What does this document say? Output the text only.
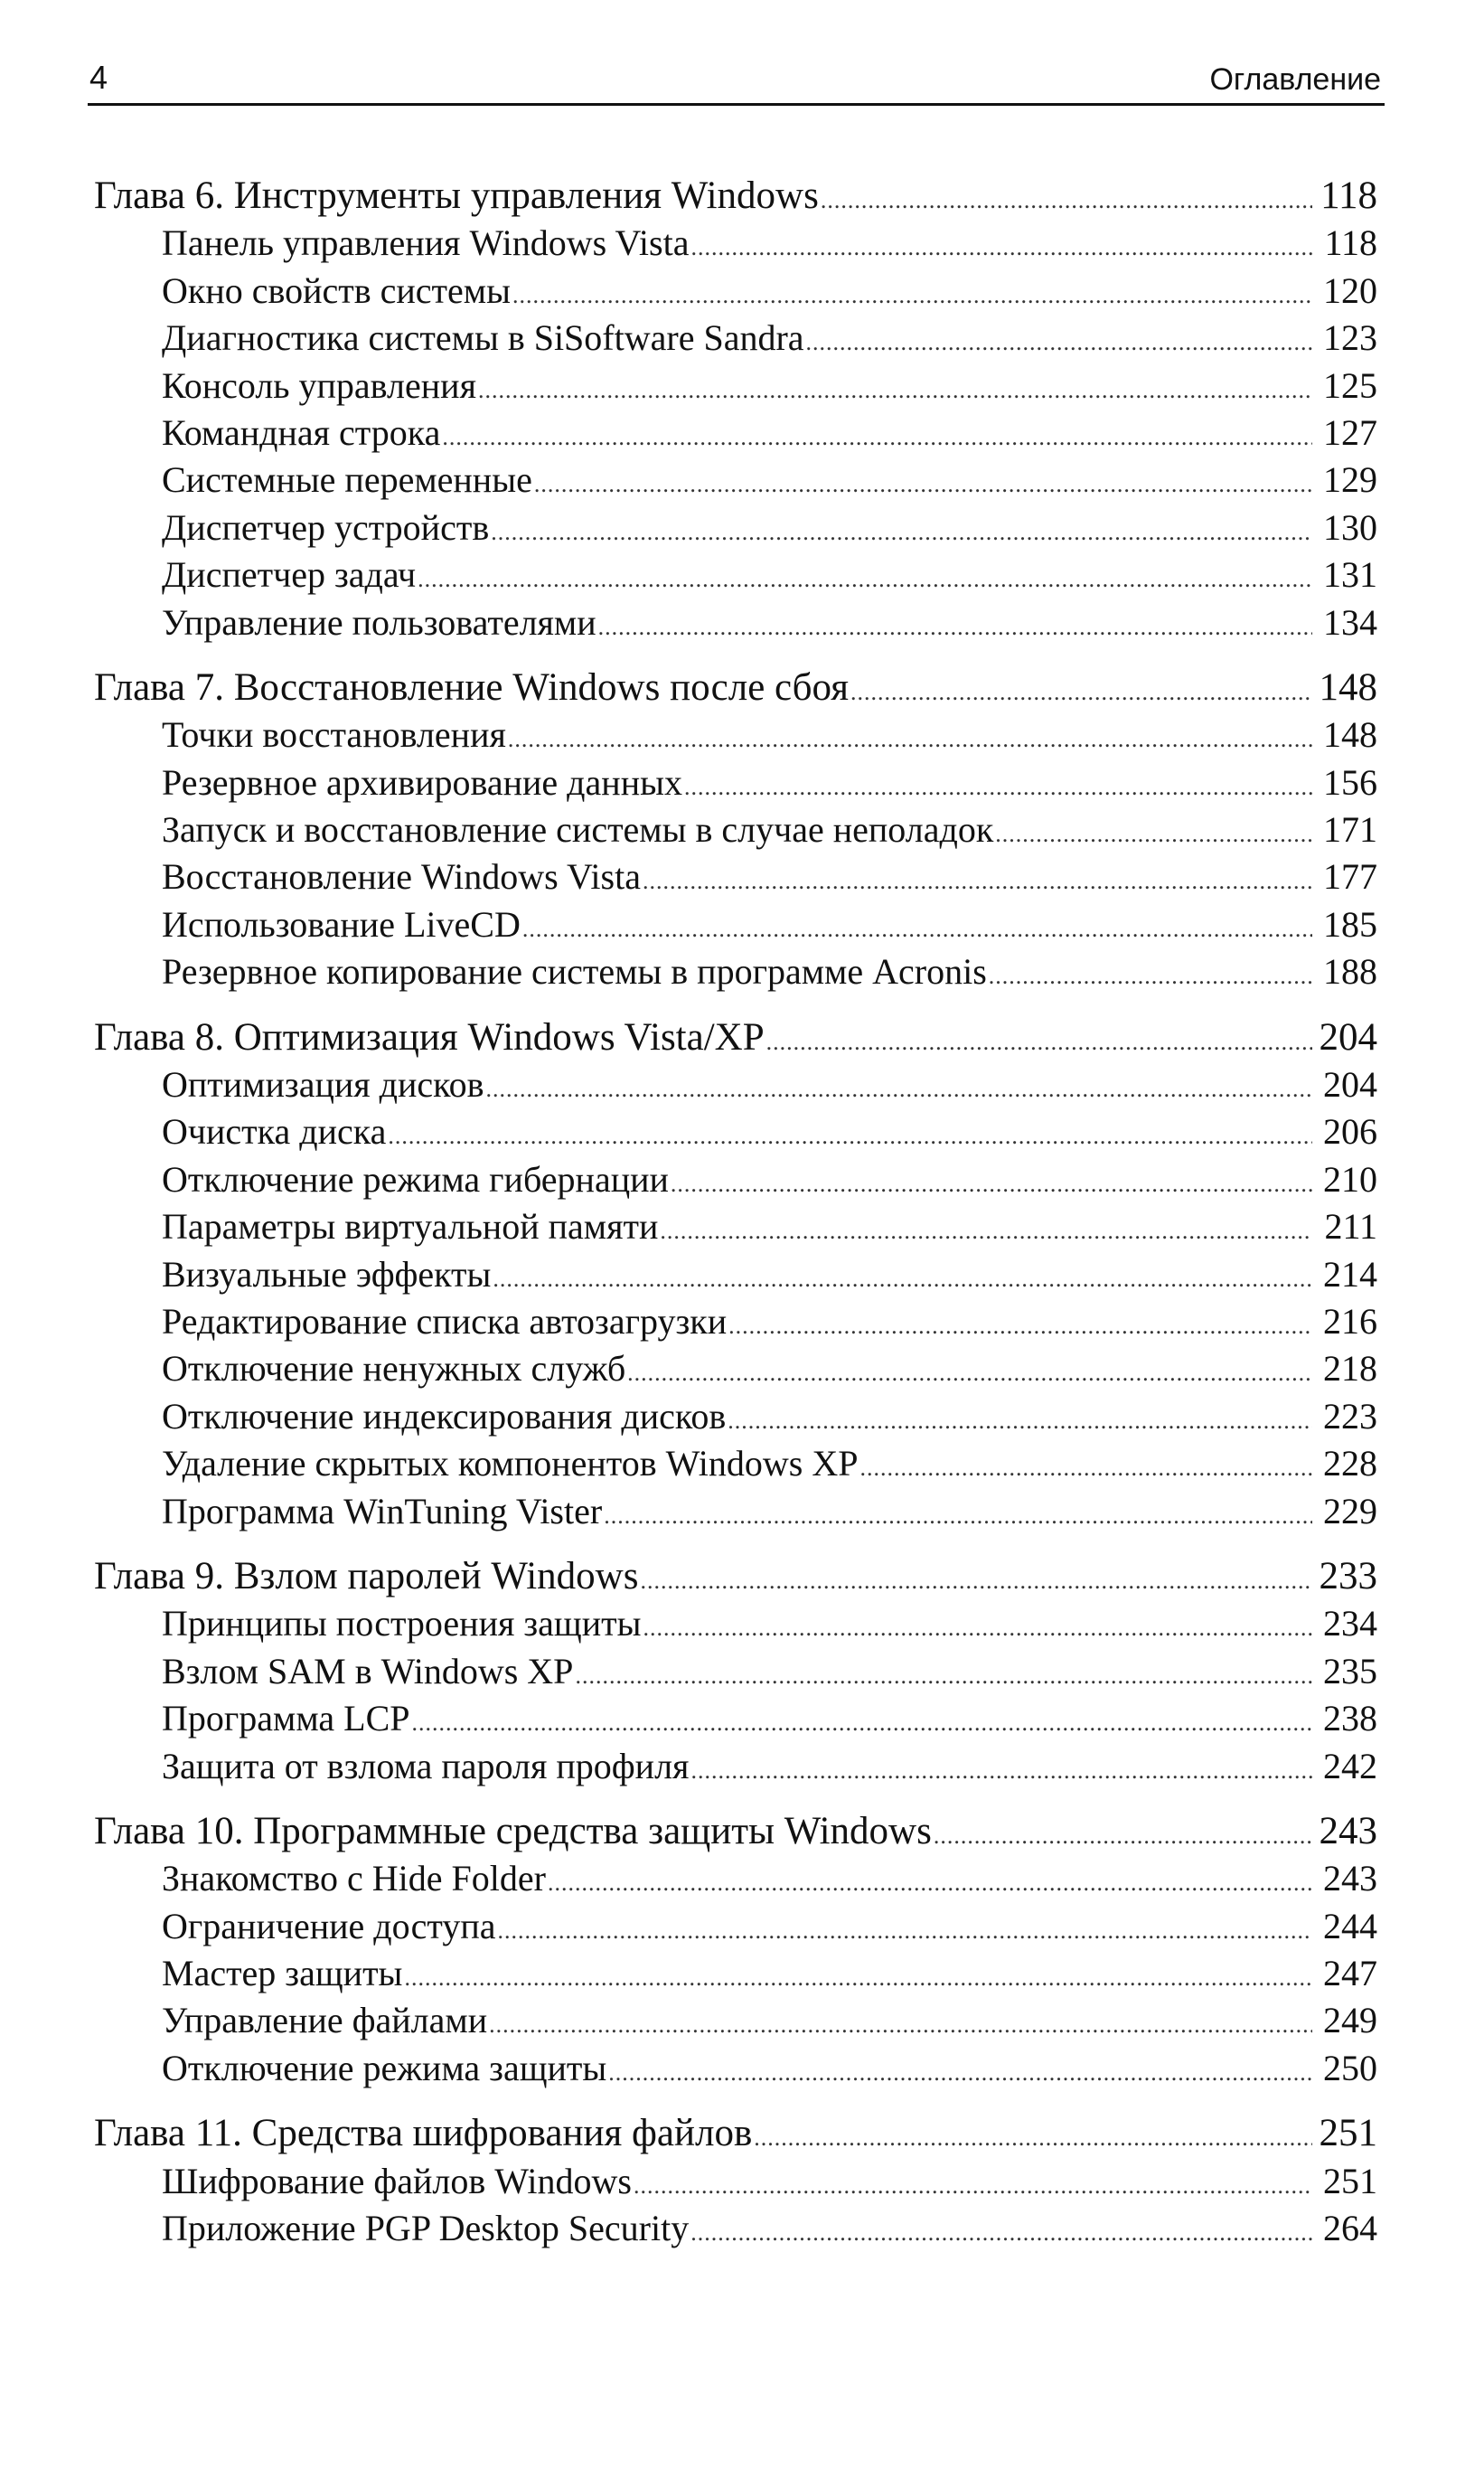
4	Оглавление
Глава 6. Инструменты управления Windows .....	118
Панель управления Windows Vista .....	118
Окно свойств системы .....	120
Диагностика системы в SiSoftware Sandra .....	123
Консоль управления .....	125
Командная строка .....	127
Системные переменные .....	129
Диспетчер устройств .....	130
Диспетчер задач .....	131
Управление пользователями .....	134
Глава 7. Восстановление Windows после сбоя .....	148
Точки восстановления .....	148
Резервное архивирование данных .....	156
Запуск и восстановление системы в случае неполадок .....	171
Восстановление Windows Vista .....	177
Использование LiveCD .....	185
Резервное копирование системы в программе Acronis .....	188
Глава 8. Оптимизация Windows Vista/XP .....	204
Оптимизация дисков .....	204
Очистка диска .....	206
Отключение режима гибернации .....	210
Параметры виртуальной памяти .....	211
Визуальные эффекты .....	214
Редактирование списка автозагрузки .....	216
Отключение ненужных служб .....	218
Отключение индексирования дисков .....	223
Удаление скрытых компонентов Windows XP .....	228
Программа WinTuning Vister .....	229
Глава 9. Взлом паролей Windows .....	233
Принципы построения защиты .....	234
Взлом SAM в Windows XP .....	235
Программа LCP .....	238
Защита от взлома пароля профиля .....	242
Глава 10. Программные средства защиты Windows .....	243
Знакомство с Hide Folder .....	243
Ограничение доступа .....	244
Мастер защиты .....	247
Управление файлами .....	249
Отключение режима защиты .....	250
Глава 11. Средства шифрования файлов .....	251
Шифрование файлов Windows .....	251
Приложение PGP Desktop Security .....	264
